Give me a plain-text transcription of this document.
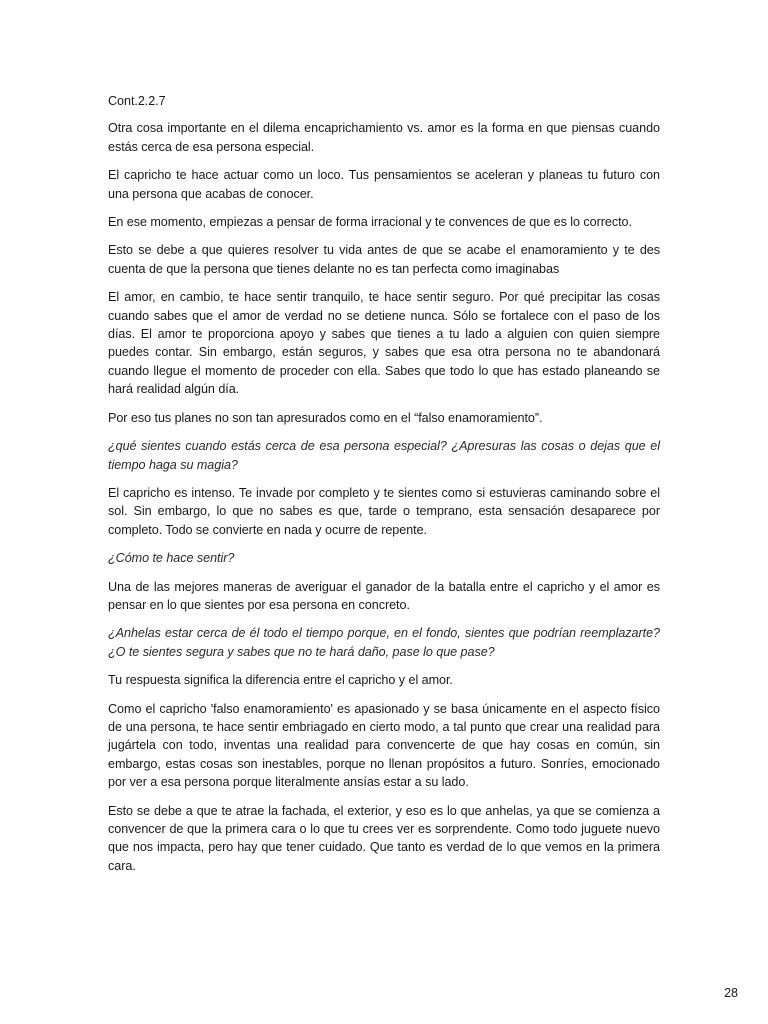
Cont.2.2.7

Otra cosa importante en el dilema encaprichamiento vs. amor es la forma en que piensas cuando estás cerca de esa persona especial.

El capricho te hace actuar como un loco. Tus pensamientos se aceleran y planeas tu futuro con una persona que acabas de conocer.

En ese momento, empiezas a pensar de forma irracional y te convences de que es lo correcto.

Esto se debe a que quieres resolver tu vida antes de que se acabe el enamoramiento y te des cuenta de que la persona que tienes delante no es tan perfecta como imaginabas

El amor, en cambio, te hace sentir tranquilo, te hace sentir seguro. Por qué precipitar las cosas cuando sabes que el amor de verdad no se detiene nunca. Sólo se fortalece con el paso de los días. El amor te proporciona apoyo y sabes que tienes a tu lado a alguien con quien siempre puedes contar. Sin embargo, están seguros, y sabes que esa otra persona no te abandonará cuando llegue el momento de proceder con ella. Sabes que todo lo que has estado planeando se hará realidad algún día.

Por eso tus planes no son tan apresurados como en el “falso enamoramiento”.

¿qué sientes cuando estás cerca de esa persona especial? ¿Apresuras las cosas o dejas que el tiempo haga su magia?

El capricho es intenso. Te invade por completo y te sientes como si estuvieras caminando sobre el sol. Sin embargo, lo que no sabes es que, tarde o temprano, esta sensación desaparece por completo. Todo se convierte en nada y ocurre de repente.

¿Cómo te hace sentir?

Una de las mejores maneras de averiguar el ganador de la batalla entre el capricho y el amor es pensar en lo que sientes por esa persona en concreto.

¿Anhelas estar cerca de él todo el tiempo porque, en el fondo, sientes que podrían reemplazarte? ¿O te sientes segura y sabes que no te hará daño, pase lo que pase?

Tu respuesta significa la diferencia entre el capricho y el amor.

Como el capricho 'falso enamoramiento' es apasionado y se basa únicamente en el aspecto físico de una persona, te hace sentir embriagado en cierto modo, a tal punto que crear una realidad para jugártela con todo, inventas una realidad para convencerte de que hay cosas en común, sin embargo, estas cosas son inestables, porque no llenan propósitos a futuro. Sonríes, emocionado por ver a esa persona porque literalmente ansías estar a su lado.

Esto se debe a que te atrae la fachada, el exterior, y eso es lo que anhelas, ya que se comienza a convencer de que la primera cara o lo que tu crees ver es sorprendente. Como todo juguete nuevo que nos impacta, pero hay que tener cuidado. Que tanto es verdad de lo que vemos en la primera cara.

28
